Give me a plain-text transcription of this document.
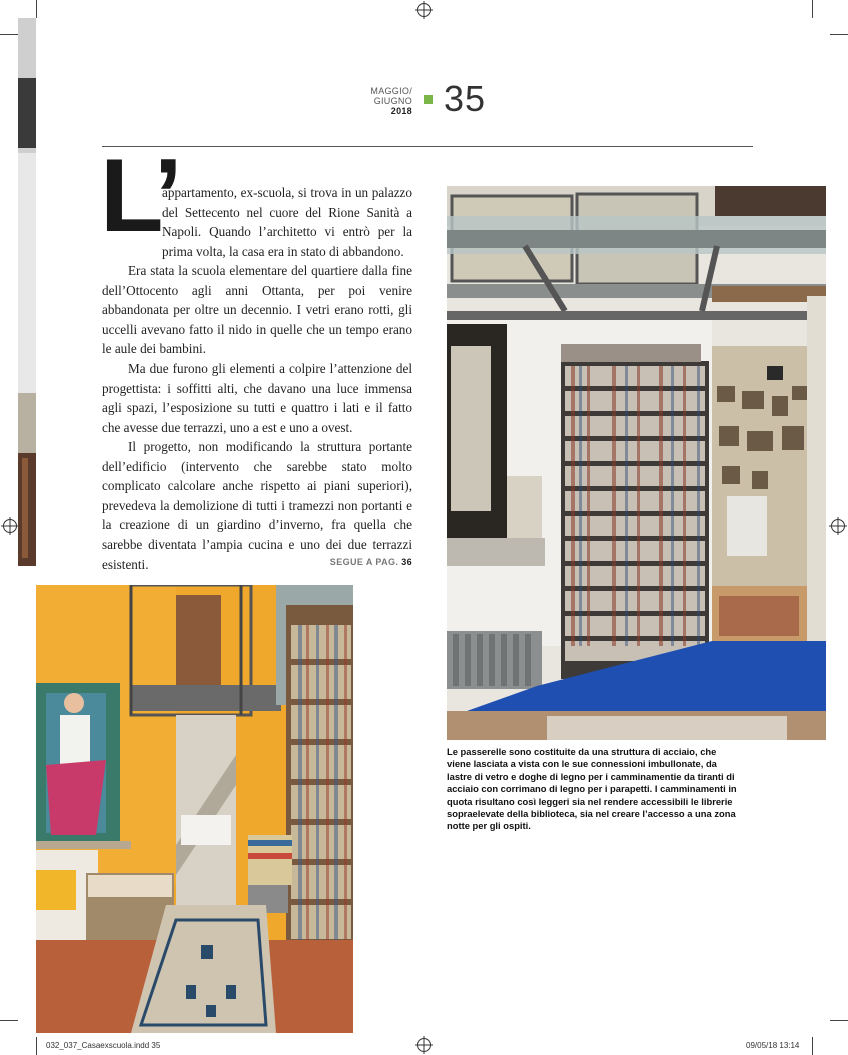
MAGGIO/
GIUGNO
2018 35
L’

appartamento, ex-scuola, si trova in un palazzo del Settecento nel cuore del Rione Sanità a Napoli. Quando l’architetto vi entrò per la prima volta, la casa era in stato di abbandono.

Era stata la scuola elementare del quartiere dalla fine dell’Ottocento agli anni Ottanta, per poi venire abbandonata per oltre un decennio. I vetri erano rotti, gli uccelli avevano fatto il nido in quelle che un tempo erano le aule dei bambini.

Ma due furono gli elementi a colpire l’attenzione del progettista: i soffitti alti, che davano una luce immensa agli spazi, l’esposizione su tutti e quattro i lati e il fatto che avesse due terrazzi, uno a est e uno a ovest.

Il progetto, non modificando la struttura portante dell’edificio (intervento che sarebbe stato molto complicato calcolare anche rispetto ai piani superiori), prevedeva la demolizione di tutti i tramezzi non portanti e la creazione di un giardino d’inverno, fra quella che sarebbe diventata l’ampia cucina e uno dei due terrazzi esistenti.	SEGUE A PAG. 36

Le passerelle sono costituite da una struttura di acciaio, che viene lasciata a vista con le sue connessioni imbullonate, da lastre di vetro e doghe di legno per i camminamentie da tiranti di acciaio con corrimano di legno per i parapetti. I camminamenti in quota risultano così leggeri sia nel rendere accessibili le librerie sopraelevate della biblioteca, sia nel creare l’accesso a una zona notte per gli ospiti.

032_037_Casaexscuola.indd 35	09/05/18 13:14
